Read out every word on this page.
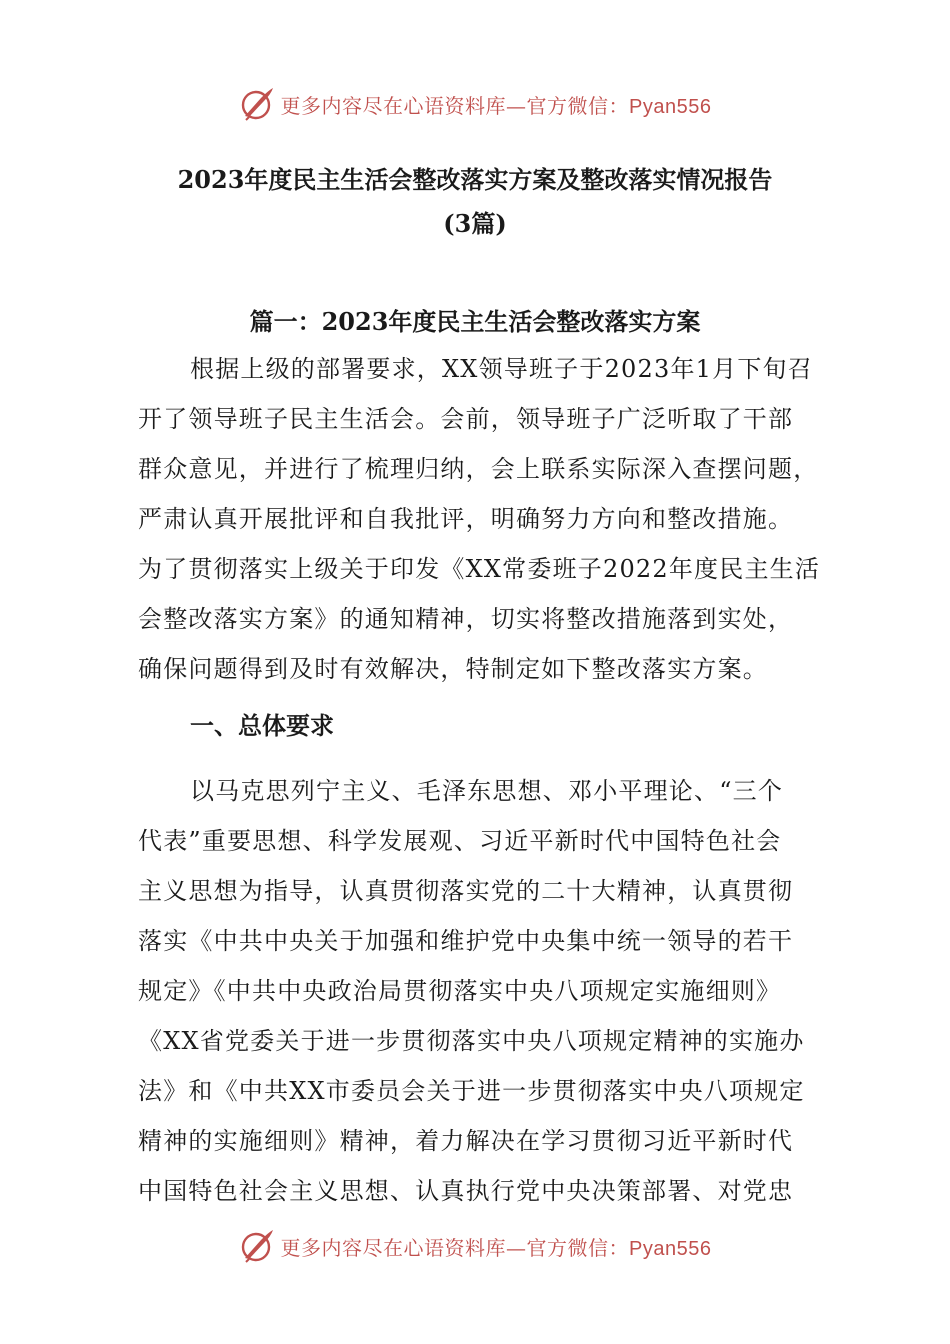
更多内容尽在心语资料库—官方微信：Pyan556
2023年度民主生活会整改落实方案及整改落实情况报告
(3篇)
篇一：2023年度民主生活会整改落实方案
根据上级的部署要求，XX领导班子于2023年1月下旬召
开了领导班子民主生活会。会前，领导班子广泛听取了干部
群众意见，并进行了梳理归纳，会上联系实际深入查摆问题，
严肃认真开展批评和自我批评，明确努力方向和整改措施。
为了贯彻落实上级关于印发《XX常委班子2022年度民主生活
会整改落实方案》的通知精神，切实将整改措施落到实处，
确保问题得到及时有效解决，特制定如下整改落实方案。
一、总体要求
以马克思列宁主义、毛泽东思想、邓小平理论、“三个
代表”重要思想、科学发展观、习近平新时代中国特色社会
主义思想为指导，认真贯彻落实党的二十大精神，认真贯彻
落实《中共中央关于加强和维护党中央集中统一领导的若干
规定》《中共中央政治局贯彻落实中央八项规定实施细则》
《XX省党委关于进一步贯彻落实中央八项规定精神的实施办
法》和《中共XX市委员会关于进一步贯彻落实中央八项规定
精神的实施细则》精神，着力解决在学习贯彻习近平新时代
中国特色社会主义思想、认真执行党中央决策部署、对党忠
更多内容尽在心语资料库—官方微信：Pyan556
